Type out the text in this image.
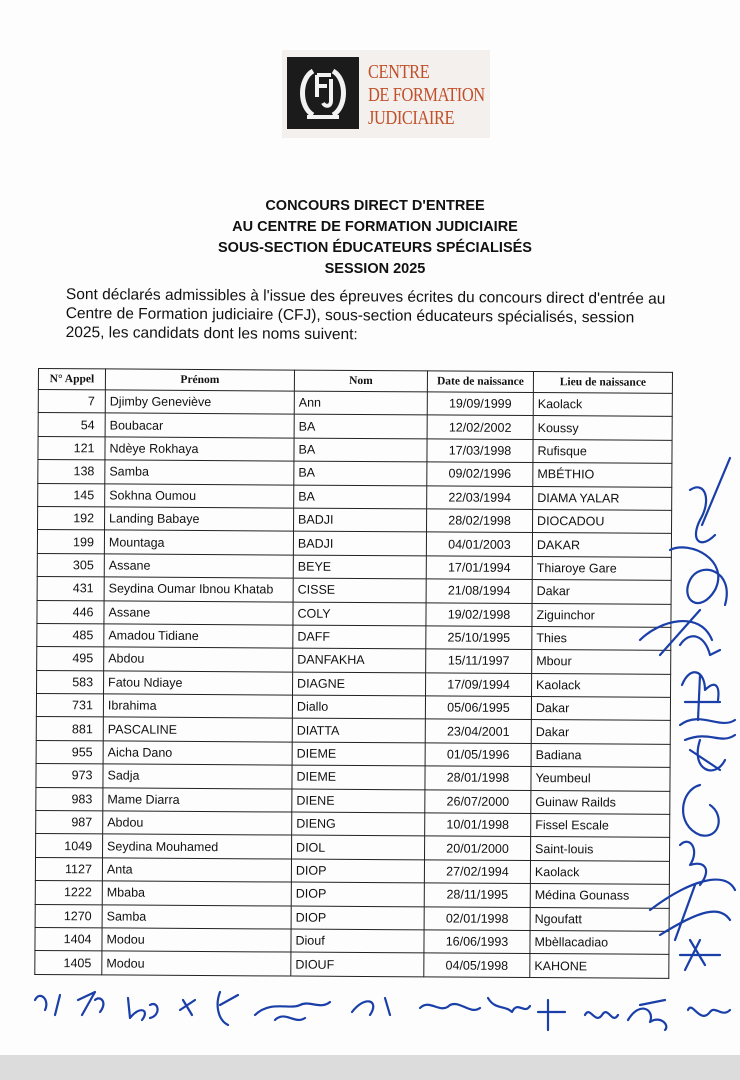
CENTRE
DE FORMATION
JUDICIAIRE
CONCOURS DIRECT D'ENTREE
AU CENTRE DE FORMATION JUDICIAIRE
SOUS-SECTION ÉDUCATEURS SPÉCIALISÉS
SESSION 2025
Sont déclarés admissibles à l'issue des épreuves écrites du concours direct d'entrée au Centre de Formation judiciaire (CFJ), sous-section éducateurs spécialisés, session 2025, les candidats dont les noms suivent:
N° Appel	Prénom	Nom	Date de naissance	Lieu de naissance
7	Djimby Geneviève	Ann	19/09/1999	Kaolack
54	Boubacar	BA	12/02/2002	Koussy
121	Ndèye Rokhaya	BA	17/03/1998	Rufisque
138	Samba	BA	09/02/1996	MBÉTHIO
145	Sokhna Oumou	BA	22/03/1994	DIAMA YALAR
192	Landing Babaye	BADJI	28/02/1998	DIOCADOU
199	Mountaga	BADJI	04/01/2003	DAKAR
305	Assane	BEYE	17/01/1994	Thiaroye Gare
431	Seydina Oumar Ibnou Khatab	CISSE	21/08/1994	Dakar
446	Assane	COLY	19/02/1998	Ziguinchor
485	Amadou Tidiane	DAFF	25/10/1995	Thies
495	Abdou	DANFAKHA	15/11/1997	Mbour
583	Fatou Ndiaye	DIAGNE	17/09/1994	Kaolack
731	Ibrahima	Diallo	05/06/1995	Dakar
881	PASCALINE	DIATTA	23/04/2001	Dakar
955	Aicha Dano	DIEME	01/05/1996	Badiana
973	Sadja	DIEME	28/01/1998	Yeumbeul
983	Mame Diarra	DIENE	26/07/2000	Guinaw Railds
987	Abdou	DIENG	10/01/1998	Fissel Escale
1049	Seydina Mouhamed	DIOL	20/01/2000	Saint-louis
1127	Anta	DIOP	27/02/1994	Kaolack
1222	Mbaba	DIOP	28/11/1995	Médina Gounass
1270	Samba	DIOP	02/01/1998	Ngoufatt
1404	Modou	Diouf	16/06/1993	Mbèllacadiao
1405	Modou	DIOUF	04/05/1998	KAHONE
